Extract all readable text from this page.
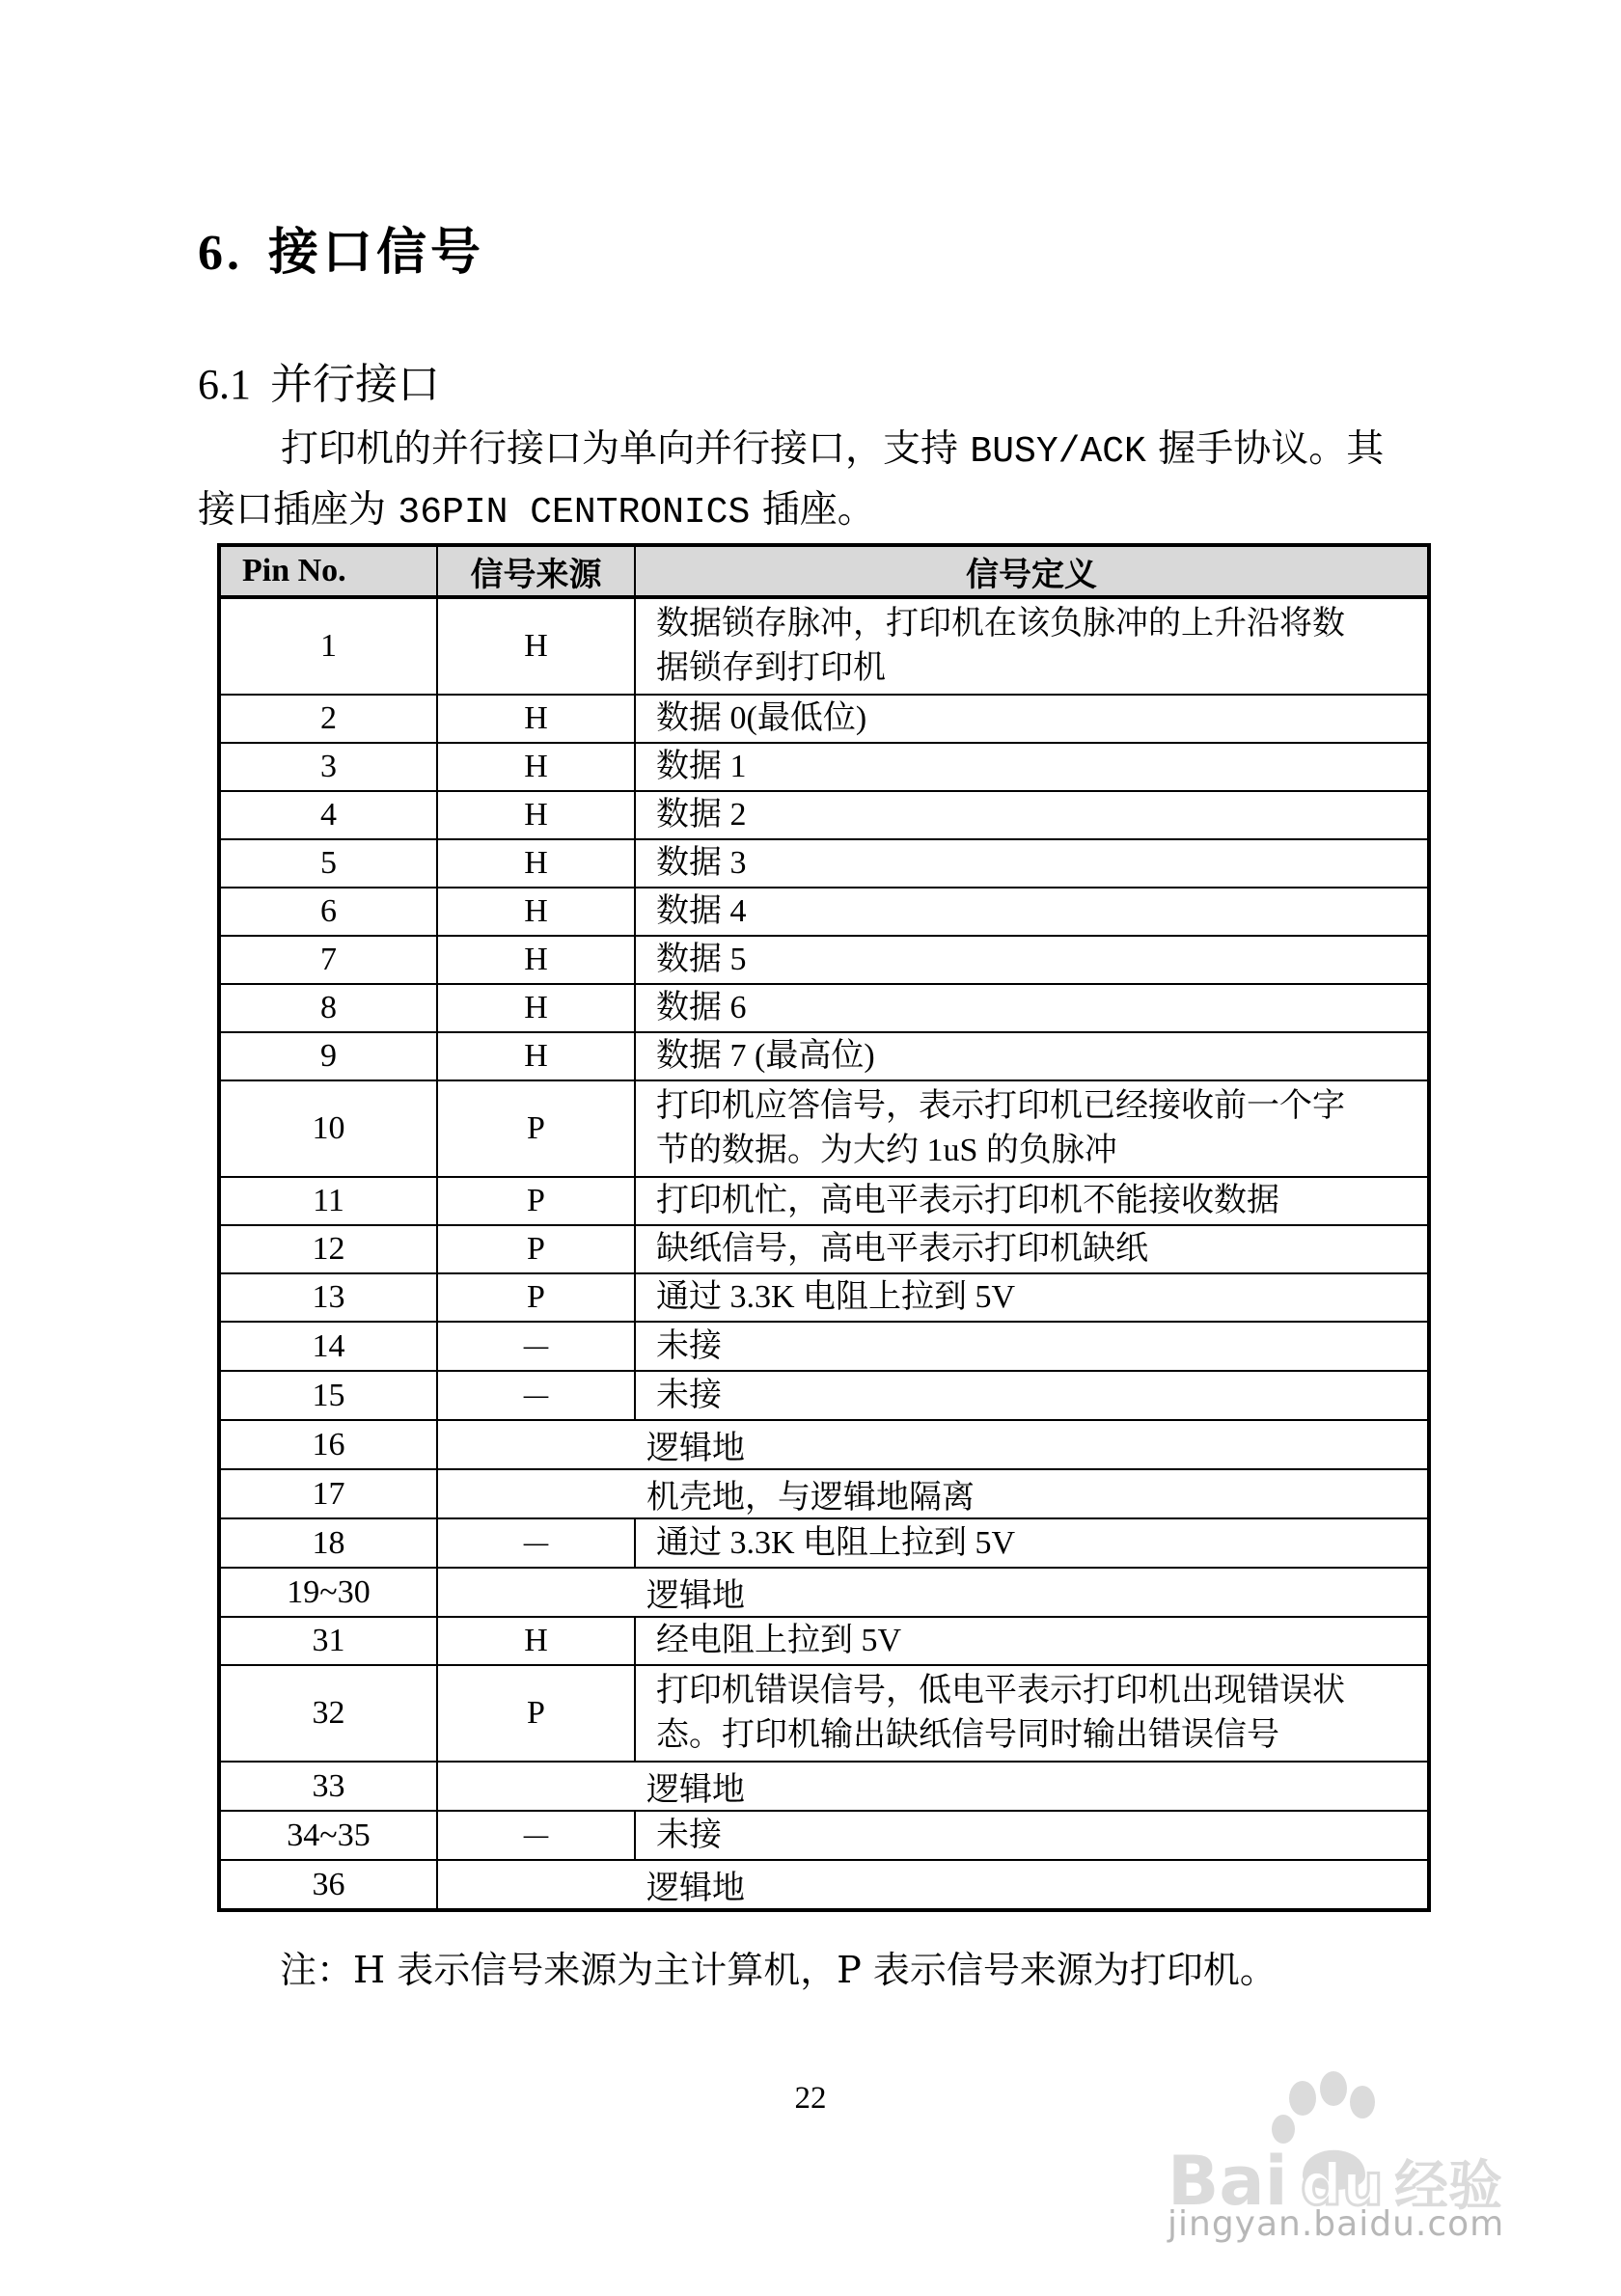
6. 接口信号
6.1 并行接口
打印机的并行接口为单向并行接口，支持 BUSY/ACK 握手协议。其
接口插座为 36PIN CENTRONICS 插座。
Pin No.	信号来源	信号定义
1	H	数据锁存脉冲，打印机在该负脉冲的上升沿将数
据锁存到打印机

2	H	数据 0(最低位)

3	H	数据 1

4	H	数据 2

5	H	数据 3

6	H	数据 4

7	H	数据 5

8	H	数据 6

9	H	数据 7 (最高位)

10	P	打印机应答信号，表示打印机已经接收前一个字
节的数据。为大约 1uS 的负脉冲

11	P	打印机忙，高电平表示打印机不能接收数据

12	P	缺纸信号，高电平表示打印机缺纸

13	P	通过 3.3K 电阻上拉到 5V

14	－	未接

15	－	未接

16	逻辑地	
17	机壳地，与逻辑地隔离	
18	－	通过 3.3K 电阻上拉到 5V

19~30	逻辑地	
31	H	经电阻上拉到 5V

32	P	打印机错误信号，低电平表示打印机出现错误状
态。打印机输出缺纸信号同时输出错误信号

33	逻辑地	
34~35	－	未接

36	逻辑地	
注：H 表示信号来源为主计算机，P 表示信号来源为打印机。
22
Bai du 经验
jingyan.baidu.com
